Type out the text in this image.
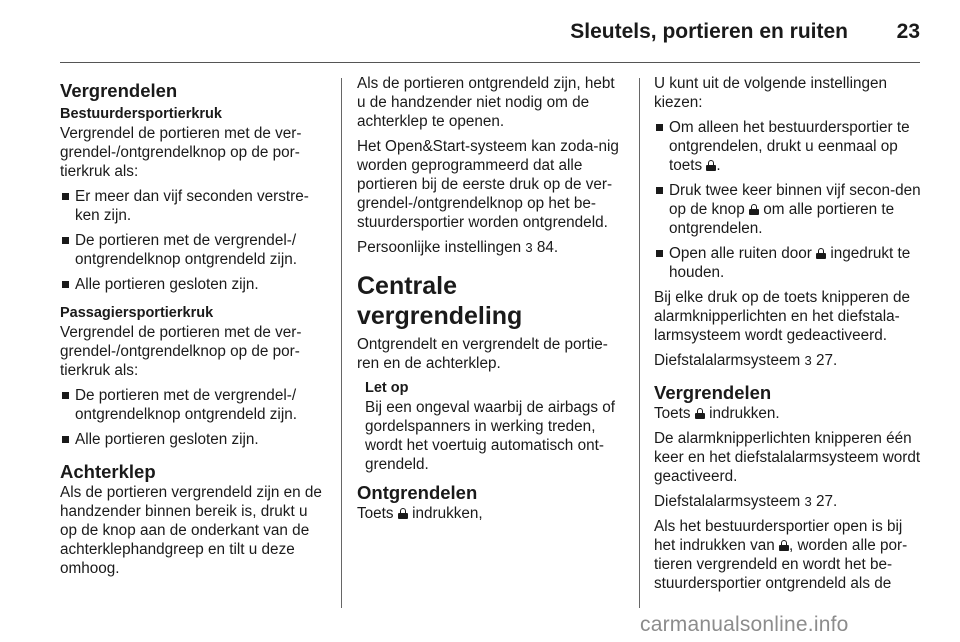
Sleutels, portieren en ruiten 23
Vergrendelen
Bestuurdersportierkruk

Vergrendel de portieren met de ver-grendel-/ontgrendelknop op de por-tierkruk als:

Er meer dan vijf seconden verstre-ken zijn.
De portieren met de vergrendel-/ ontgrendelknop ontgrendeld zijn.
Alle portieren gesloten zijn.
Passagiersportierkruk

Vergrendel de portieren met de ver-grendel-/ontgrendelknop op de por-tierkruk als:

De portieren met de vergrendel-/ ontgrendelknop ontgrendeld zijn.
Alle portieren gesloten zijn.
Achterklep

Als de portieren vergrendeld zijn en de handzender binnen bereik is, drukt u op de knop aan de onderkant van de achterklephandgreep en tilt u deze omhoog.

Als de portieren ontgrendeld zijn, hebt u de handzender niet nodig om de achterklep te openen.

Het Open&Start-systeem kan zoda-nig worden geprogrammeerd dat alle portieren bij de eerste druk op de ver-grendel-/ontgrendelknop op het be-stuurdersportier worden ontgrendeld.

Persoonlijke instellingen 3 84.

Centrale vergrendeling

Ontgrendelt en vergrendelt de portie-ren en de achterklep.

Let op

Bij een ongeval waarbij de airbags of gordelspanners in werking treden, wordt het voertuig automatisch ont-grendeld.

Ontgrendelen

Toets indrukken,

U kunt uit de volgende instellingen kiezen:

Om alleen het bestuurdersportier te ontgrendelen, drukt u eenmaal op toets .
Druk twee keer binnen vijf secon-den op de knop om alle portieren te ontgrendelen.
Open alle ruiten door ingedrukt te houden.

Bij elke druk op de toets knipperen de alarmknipperlichten en het diefstala-larmsysteem wordt gedeactiveerd.

Diefstalalarmsysteem 3 27.

Vergrendelen

Toets indrukken.

De alarmknipperlichten knipperen één keer en het diefstalalarmsysteem wordt geactiveerd.

Diefstalalarmsysteem 3 27.

Als het bestuurdersportier open is bij het indrukken van , worden alle por-tieren vergrendeld en wordt het be-stuurdersportier ontgrendeld als de

carmanualsonline.info
